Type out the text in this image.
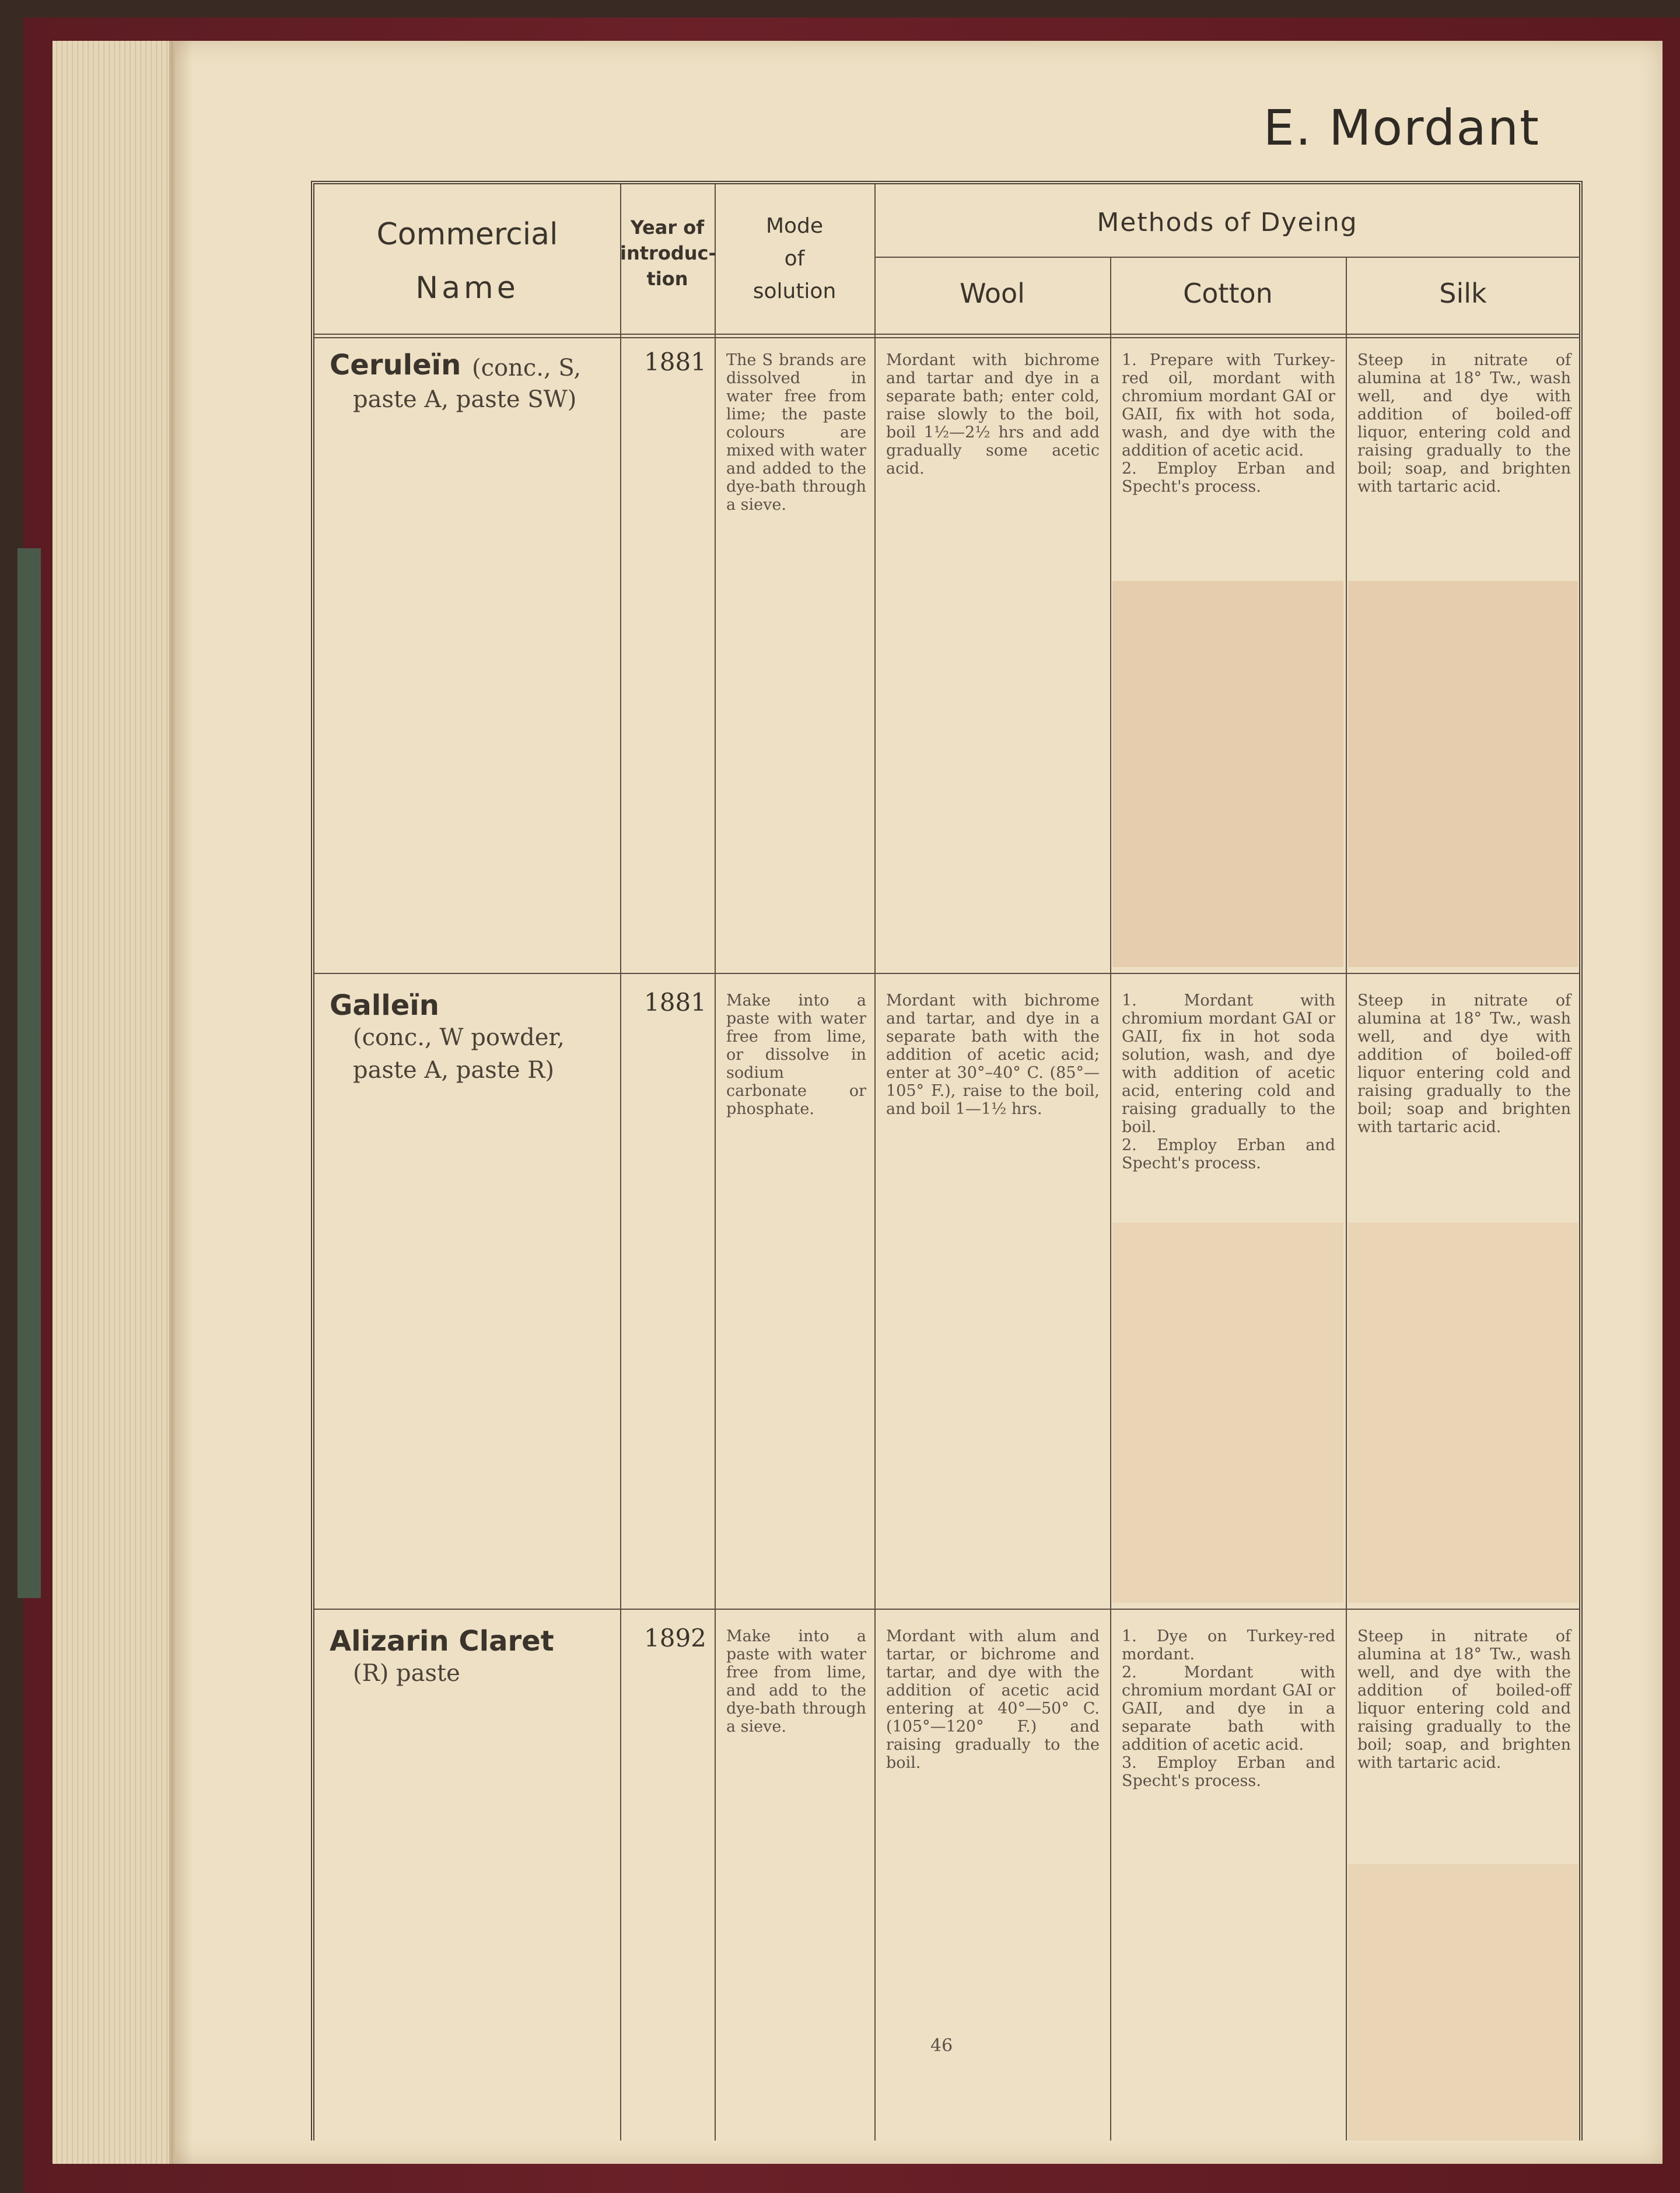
E. Mordant
Commercial
Name
Year of
introduc-
tion
Mode
of
solution
Methods of Dyeing
Wool	Cotton	Silk
Ceruleïn (conc., S,
paste A, paste SW)
1881 The S brands are dissolved in water free from lime; the paste colours are mixed with water and added to the dye-bath through a sieve.
Mordant with bichrome and tartar and dye in a separate bath; enter cold, raise slowly to the boil, boil 1½—2½ hrs and add gradually some acetic acid.

1. Prepare with Turkey-red oil, mordant with chromium mordant GAI or GAII, fix with hot soda, wash, and dye with the addition of acetic acid.

2. Employ Erban and Specht's process.

Steep in nitrate of alumina at 18° Tw., wash well, and dye with addition of boiled-off liquor, entering cold and raising gradually to the boil; soap, and brighten with tartaric acid.
Galleïn
(conc., W powder,
paste A, paste R)
1881 Make into a paste with water free from lime, or dissolve in sodium carbonate or phosphate.
Mordant with bichrome and tartar, and dye in a separate bath with the addition of acetic acid; enter at 30°–40° C. (85°—105° F.), raise to the boil, and boil 1—1½ hrs.

1. Mordant with chromium mordant GAI or GAII, fix in hot soda solution, wash, and dye with addition of acetic acid, entering cold and raising gradually to the boil.

2. Employ Erban and Specht's process.

Steep in nitrate of alumina at 18° Tw., wash well, and dye with addition of boiled-off liquor entering cold and raising gradually to the boil; soap and brighten with tartaric acid.
Alizarin Claret
(R) paste
1892 Make into a paste with water free from lime, and add to the dye-bath through a sieve.
Mordant with alum and tartar, or bichrome and tartar, and dye with the addition of acetic acid entering at 40°—50° C. (105°—120° F.) and raising gradually to the boil.

1. Dye on Turkey-red mordant.

2. Mordant with chromium mordant GAI or GAII, and dye in a separate bath with addition of acetic acid.

3. Employ Erban and Specht's process.

Steep in nitrate of alumina at 18° Tw., wash well, and dye with the addition of boiled-off liquor entering cold and raising gradually to the boil; soap, and brighten with tartaric acid.
46
